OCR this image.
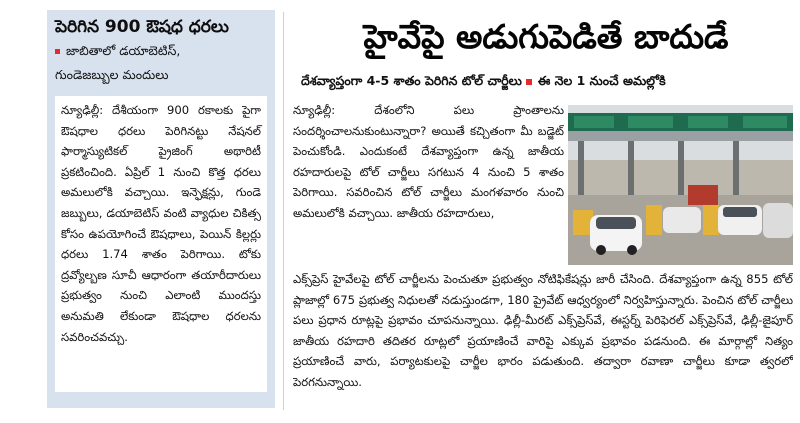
పెరిగిన 900 ఔషధ ధరలు
జాబితాలో డయాబెటిస్‌,
గుండెజబ్బుల మందులు
న్యూఢిల్లీ: దేశీయంగా 900 రకాలకు పైగా ఔషధాల ధరలు పెరిగినట్టు నేషనల్‌ ఫార్మాస్యుటికల్‌ ప్రైజింగ్‌ అథారిటీ ప్రకటించింది. ఏప్రిల్‌ 1 నుంచి కొత్త ధరలు అమలులోకి వచ్చాయి. ఇన్ఫెక్షన్లు, గుండె జబ్బులు, డయాబెటిస్‌ వంటి వ్యాధుల చికిత్స కోసం ఉపయోగించే ఔషధాలు, పెయిన్‌ కిల్లర్లు ధరలు 1.74 శాతం పెరిగాయి. టోకు ద్రవ్యోల్బణ సూచీ ఆధారంగా తయారీదారులు ప్రభుత్వం నుంచి ఎలాంటి ముందస్తు అనుమతి లేకుండా ఔషధాల ధరలను సవరించవచ్చు.
హైవేపై అడుగుపెడితే బాదుడే
దేశవ్యాప్తంగా 4-5 శాతం పెరిగిన టోల్‌ చార్జీలు ఈ నెల 1 నుంచే అమల్లోకి
న్యూఢిల్లీ: దేశంలోని పలు ప్రాంతాలను సందర్శించాలనుకుంటున్నారా? అయితే కచ్చితంగా మీ బడ్జెట్‌ పెంచుకోండి. ఎందుకంటే దేశవ్యాప్తంగా ఉన్న జాతీయ రహదారులపై టోల్‌ చార్జీలు సగటున 4 నుంచి 5 శాతం పెరిగాయి. సవరించిన టోల్‌ చార్జీలు మంగళవారం నుంచి అమలులోకి వచ్చాయి. జాతీయ రహదారులు,
ఎక్స్‌ప్రెస్‌ హైవేలపై టోల్‌ చార్జీలను పెంచుతూ ప్రభుత్వం నోటిఫికేషన్లు జారీ చేసింది. దేశవ్యాప్తంగా ఉన్న 855 టోల్‌ ప్లాజాల్లో 675 ప్రభుత్వ నిధులతో నడుస్తుండగా, 180 ప్రైవేట్‌ ఆధ్వర్యంలో నిర్వహిస్తున్నారు. పెంచిన టోల్‌ చార్జీలు పలు ప్రధాన రూట్లపై ప్రభావం చూపనున్నాయి. ఢిల్లీ-మీరట్‌ ఎక్స్‌ప్రెస్‌వే, ఈస్టర్న్‌ పెరిఫెరల్‌ ఎక్స్‌ప్రెస్‌వే, ఢిల్లీ-జైపూర్‌ జాతీయ రహదారి తదితర రూట్లలో ప్రయాణించే వారిపై ఎక్కువ ప్రభావం పడనుంది. ఈ మార్గాల్లో నిత్యం ప్రయాణించే వారు, పర్యాటకులపై చార్జీల భారం పడుతుంది. తద్వారా రవాణా చార్జీలు కూడా త్వరలో పెరగనున్నాయి.
